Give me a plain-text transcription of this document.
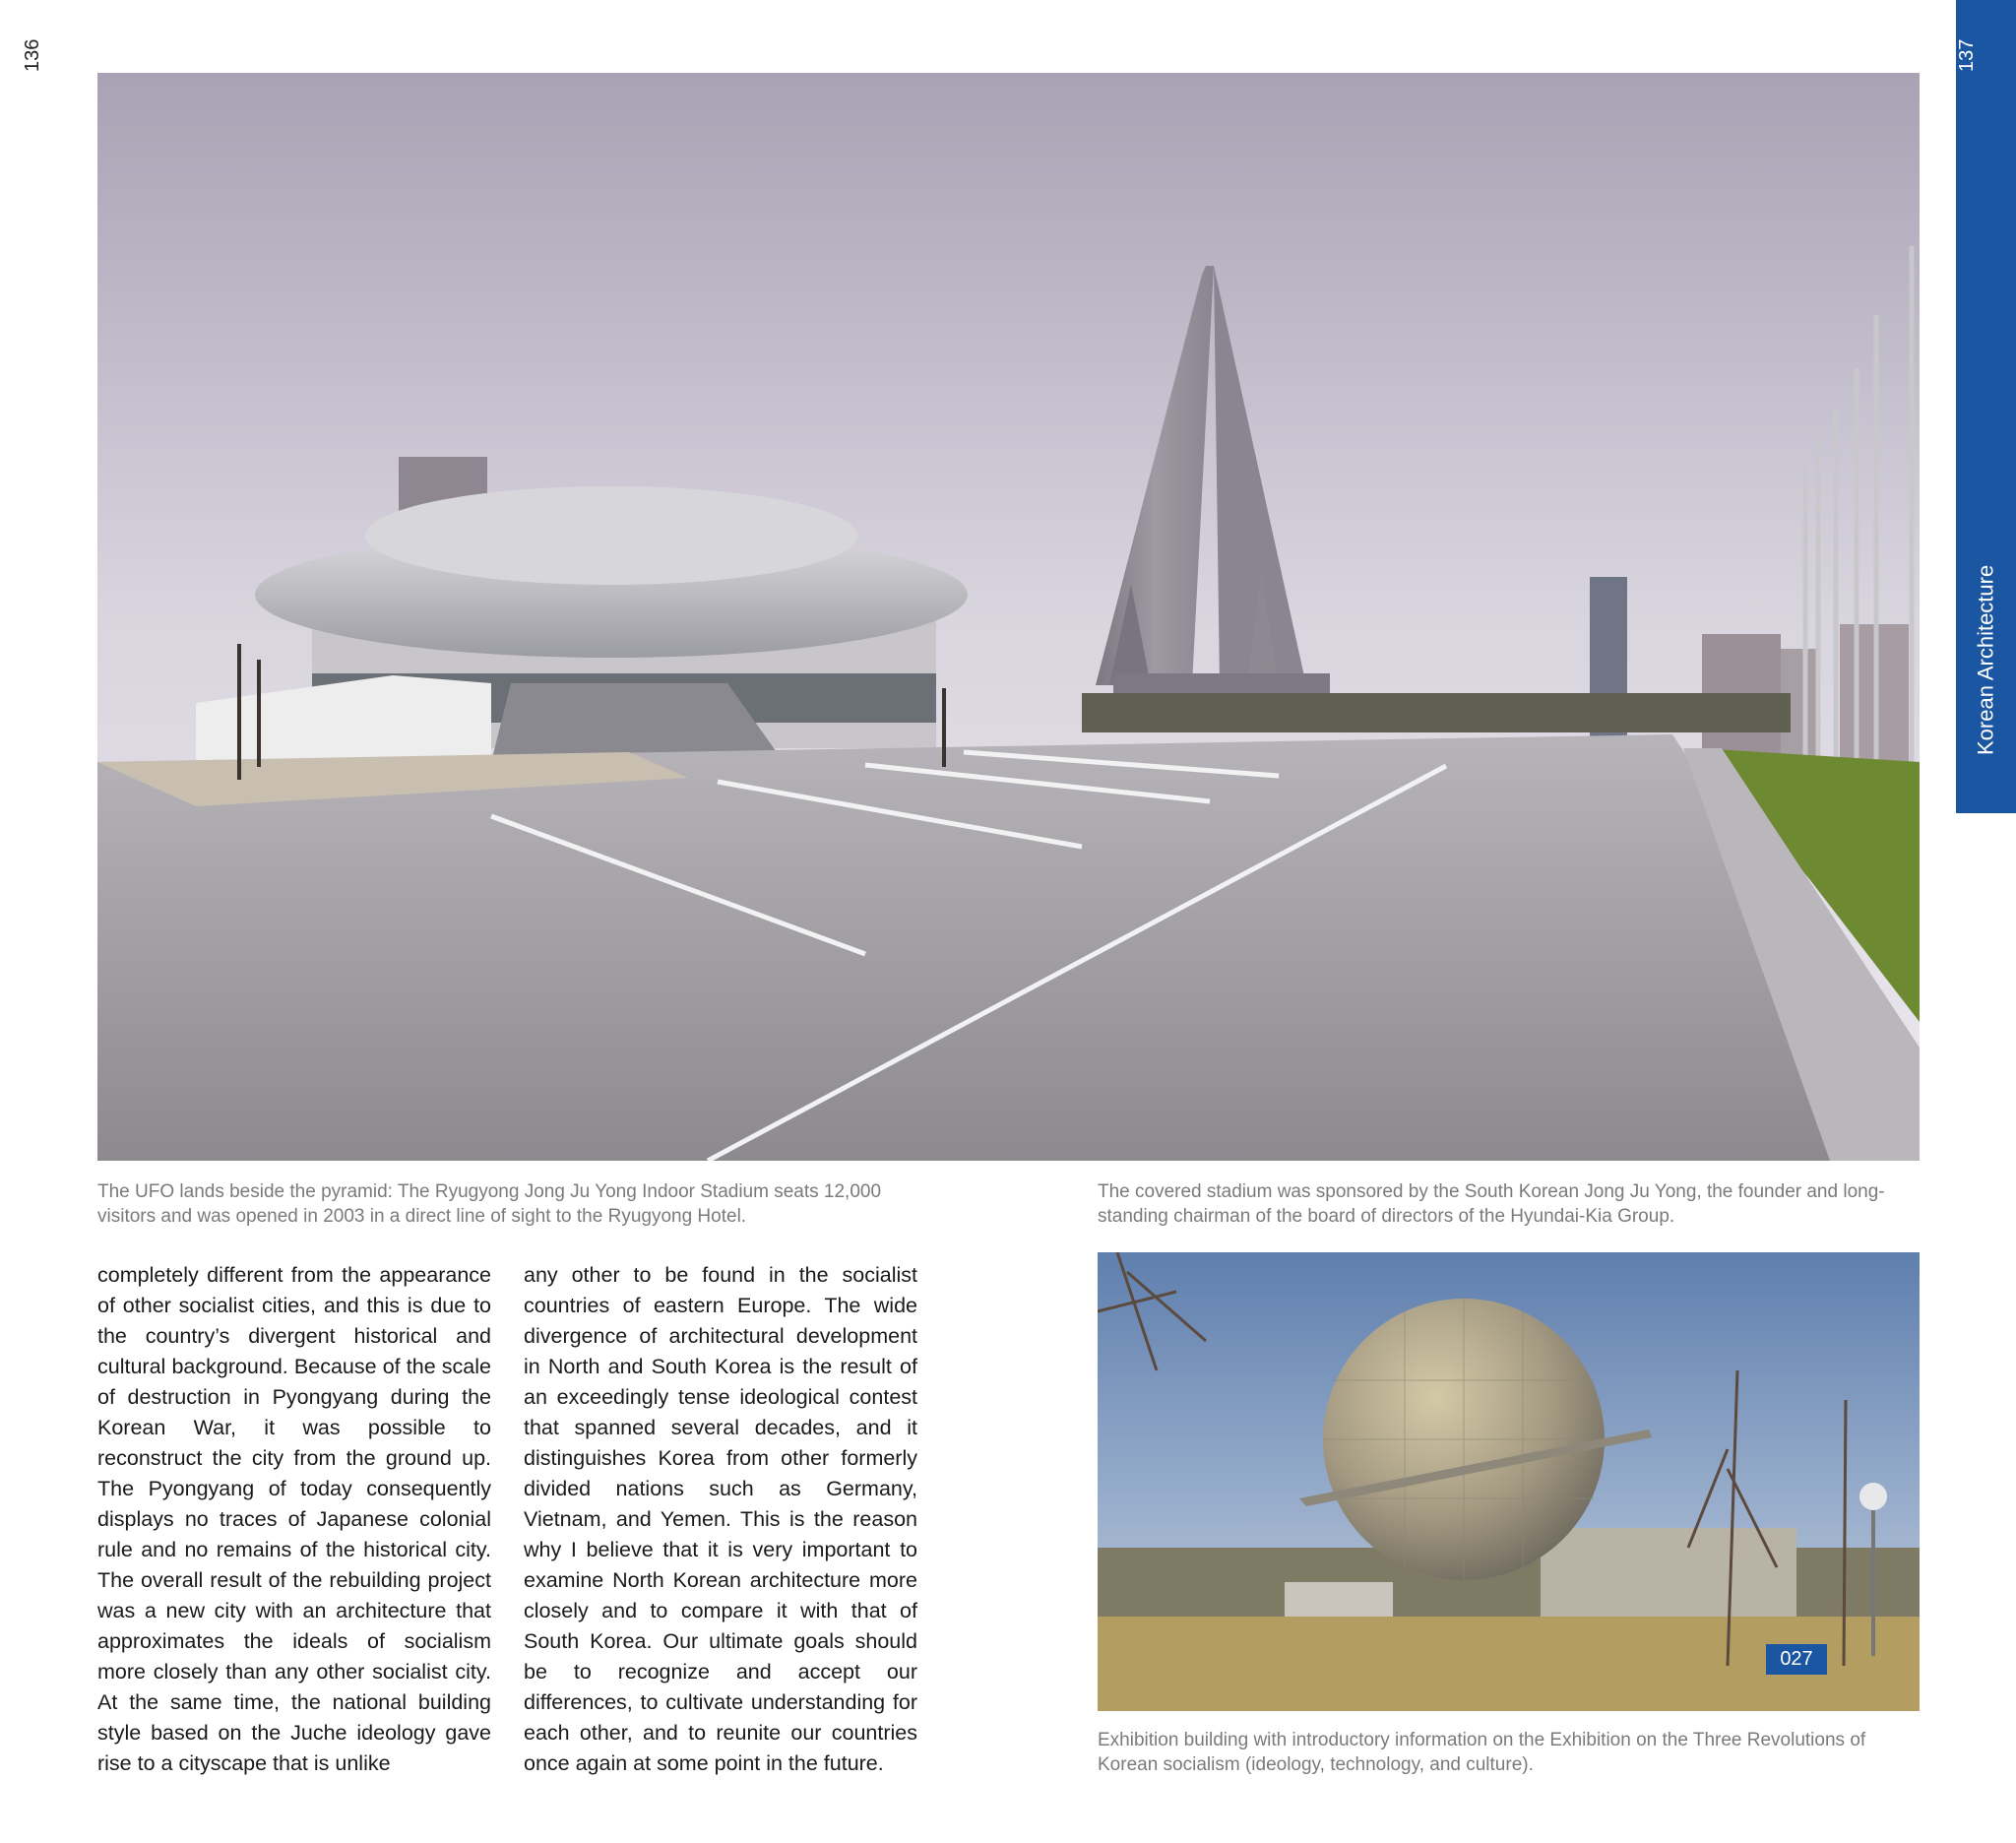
136	137
Korean Architecture
The UFO lands beside the pyramid: The Ryugyong Jong Ju Yong Indoor Stadium seats 12,000 visitors and was opened in 2003 in a direct line of sight to the Ryugyong Hotel.
The covered stadium was sponsored by the South Korean Jong Ju Yong, the founder and long-standing chairman of the board of directors of the Hyundai-Kia Group.
completely different from the appearance of other socialist cities, and this is due to the country’s divergent historical and cultural background. Because of the scale of destruction in Pyongyang during the Korean War, it was possible to reconstruct the city from the ground up. The Pyongyang of today consequently displays no traces of Japanese colonial rule and no remains of the historical city. The overall result of the rebuilding project was a new city with an architecture that approximates the ideals of socialism more closely than any other socialist city. At the same time, the national building style based on the Juche ideology gave rise to a cityscape that is unlike
any other to be found in the socialist countries of eastern Europe. The wide divergence of architectural development in North and South Korea is the result of an exceedingly tense ideological contest that spanned several decades, and it distinguishes Korea from other formerly divided nations such as Germany, Vietnam, and Yemen. This is the reason why I believe that it is very important to examine North Korean architecture more closely and to compare it with that of South Korea. Our ultimate goals should be to recognize and accept our differences, to cultivate understanding for each other, and to reunite our countries once again at some point in the future.
027
Exhibition building with introductory information on the Exhibition on the Three Revolutions of Korean socialism (ideology, technology, and culture).
